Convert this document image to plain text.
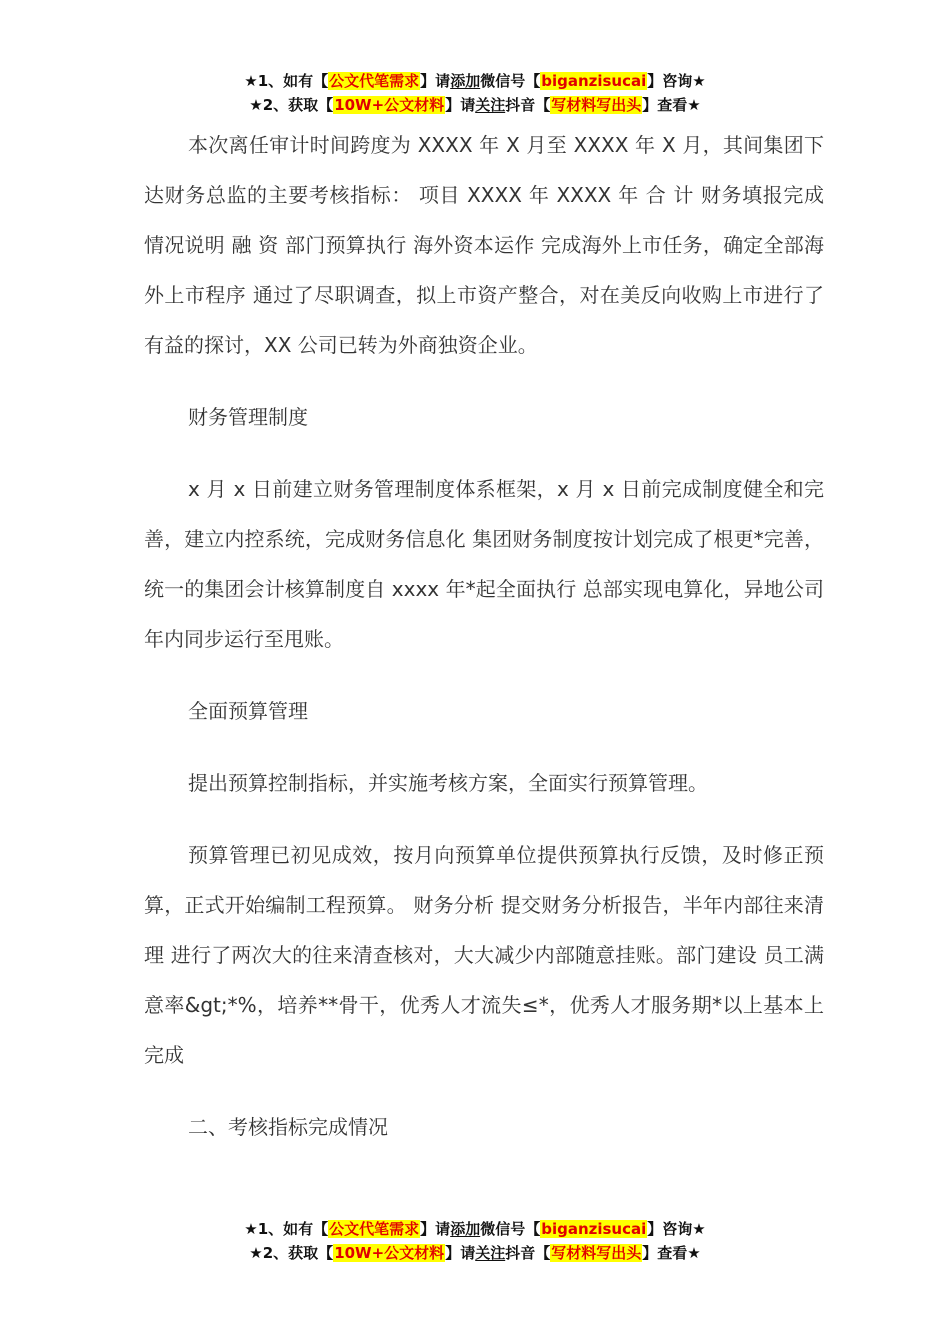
★1、如有【公文代笔需求】请添加微信号【biganzisucai】咨询★
★2、获取【10W+公文材料】请关注抖音【写材料写出头】查看★

本次离任审计时间跨度为 XXXX 年 X 月至 XXXX 年 X 月，其间集团下达财务总监的主要考核指标： 项目 XXXX 年 XXXX 年 合 计 财务填报完成情况说明 融 资 部门预算执行 海外资本运作 完成海外上市任务，确定全部海外上市程序 通过了尽职调查，拟上市资产整合，对在美反向收购上市进行了有益的探讨，XX 公司已转为外商独资企业。

财务管理制度

x 月 x 日前建立财务管理制度体系框架，x 月 x 日前完成制度健全和完善，建立内控系统，完成财务信息化 集团财务制度按计划完成了根更*完善，统一的集团会计核算制度自 xxxx 年*起全面执行 总部实现电算化，异地公司年内同步运行至甩账。

全面预算管理

提出预算控制指标，并实施考核方案，全面实行预算管理。

预算管理已初见成效，按月向预算单位提供预算执行反馈，及时修正预算，正式开始编制工程预算。 财务分析 提交财务分析报告，半年内部往来清理 进行了两次大的往来清查核对，大大减少内部随意挂账。部门建设 员工满意率&gt;*%，培养**骨干，优秀人才流失≤*，优秀人才服务期*以上基本上完成

二、考核指标完成情况

★1、如有【公文代笔需求】请添加微信号【biganzisucai】咨询★
★2、获取【10W+公文材料】请关注抖音【写材料写出头】查看★
